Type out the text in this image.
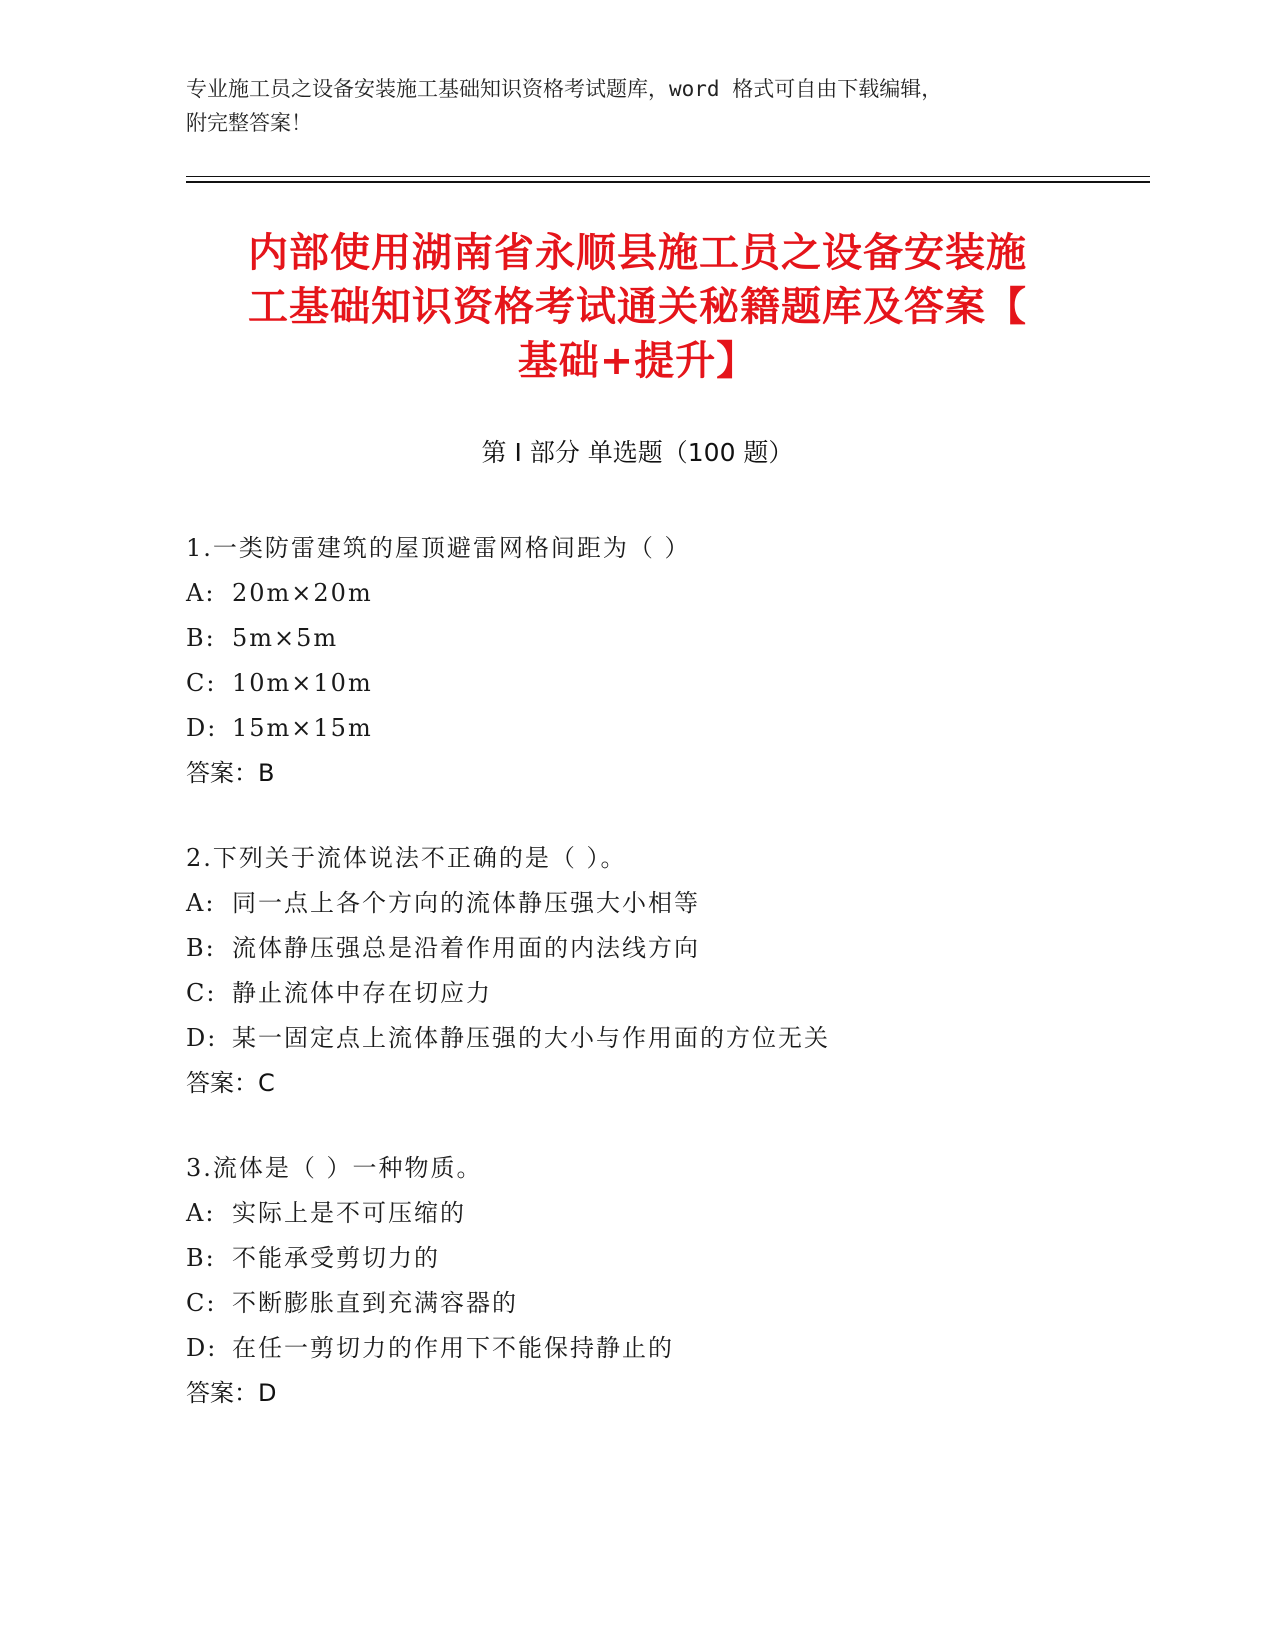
专业施工员之设备安装施工基础知识资格考试题库，word 格式可自由下载编辑，
附完整答案！
内部使用湖南省永顺县施工员之设备安装施
工基础知识资格考试通关秘籍题库及答案【
基础+提升】
第 I 部分 单选题（100 题）
1.一类防雷建筑的屋顶避雷网格间距为（ ）
A: 20m×20m
B: 5m×5m
C: 10m×10m
D: 15m×15m
答案：B
2.下列关于流体说法不正确的是（ ）。
A: 同一点上各个方向的流体静压强大小相等
B: 流体静压强总是沿着作用面的内法线方向
C: 静止流体中存在切应力
D: 某一固定点上流体静压强的大小与作用面的方位无关
答案：C
3.流体是（ ）一种物质。
A: 实际上是不可压缩的
B: 不能承受剪切力的
C: 不断膨胀直到充满容器的
D: 在任一剪切力的作用下不能保持静止的
答案：D
